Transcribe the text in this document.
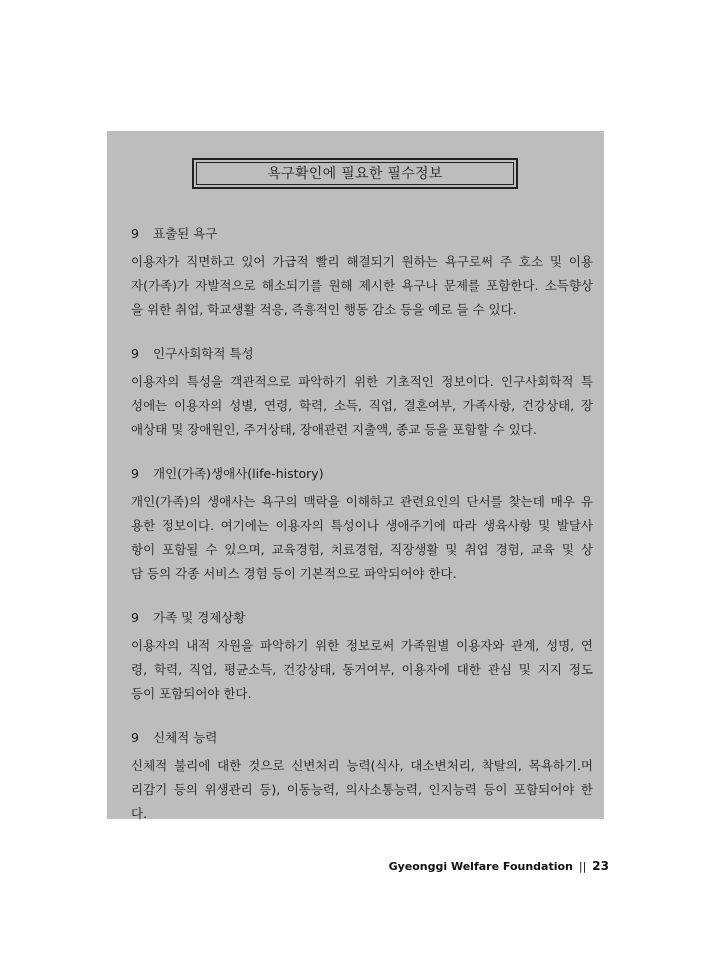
욕구확인에 필요한 필수정보
9 표출된 욕구
이용자가 직면하고 있어 가급적 빨리 해결되기 원하는 욕구로써 주 호소 및 이용
자(가족)가 자발적으로 해소되기를 원해 제시한 욕구나 문제를 포함한다. 소득향상
을 위한 취업, 학교생활 적응, 즉흥적인 행동 감소 등을 예로 들 수 있다.
9 인구사회학적 특성
이용자의 특성을 객관적으로 파악하기 위한 기초적인 정보이다. 인구사회학적 특
성에는 이용자의 성별, 연령, 학력, 소득, 직업, 결혼여부, 가족사항, 건강상태, 장
애상태 및 장애원인, 주거상태, 장애관련 지출액, 종교 등을 포함할 수 있다.
9 개인(가족)생애사(life-history)
개인(가족)의 생애사는 욕구의 맥락을 이해하고 관련요인의 단서를 찾는데 매우 유
용한 정보이다. 여기에는 이용자의 특성이나 생애주기에 따라 생육사항 및 발달사
항이 포함될 수 있으며, 교육경험, 치료경험, 직장생활 및 취업 경험, 교육 및 상
담 등의 각종 서비스 경험 등이 기본적으로 파악되어야 한다.
9 가족 및 경제상황
이용자의 내적 자원을 파악하기 위한 정보로써 가족원별 이용자와 관계, 성명, 연
령, 학력, 직업, 평균소득, 건강상태, 동거여부, 이용자에 대한 관심 및 지지 정도
등이 포함되어야 한다.
9 신체적 능력
신체적 불리에 대한 것으로 신변처리 능력(식사, 대소변처리, 착탈의, 목욕하기.머
리감기 등의 위생관리 등), 이동능력, 의사소통능력, 인지능력 등이 포함되어야 한
다.
Gyeonggi Welfare Foundation || 23
